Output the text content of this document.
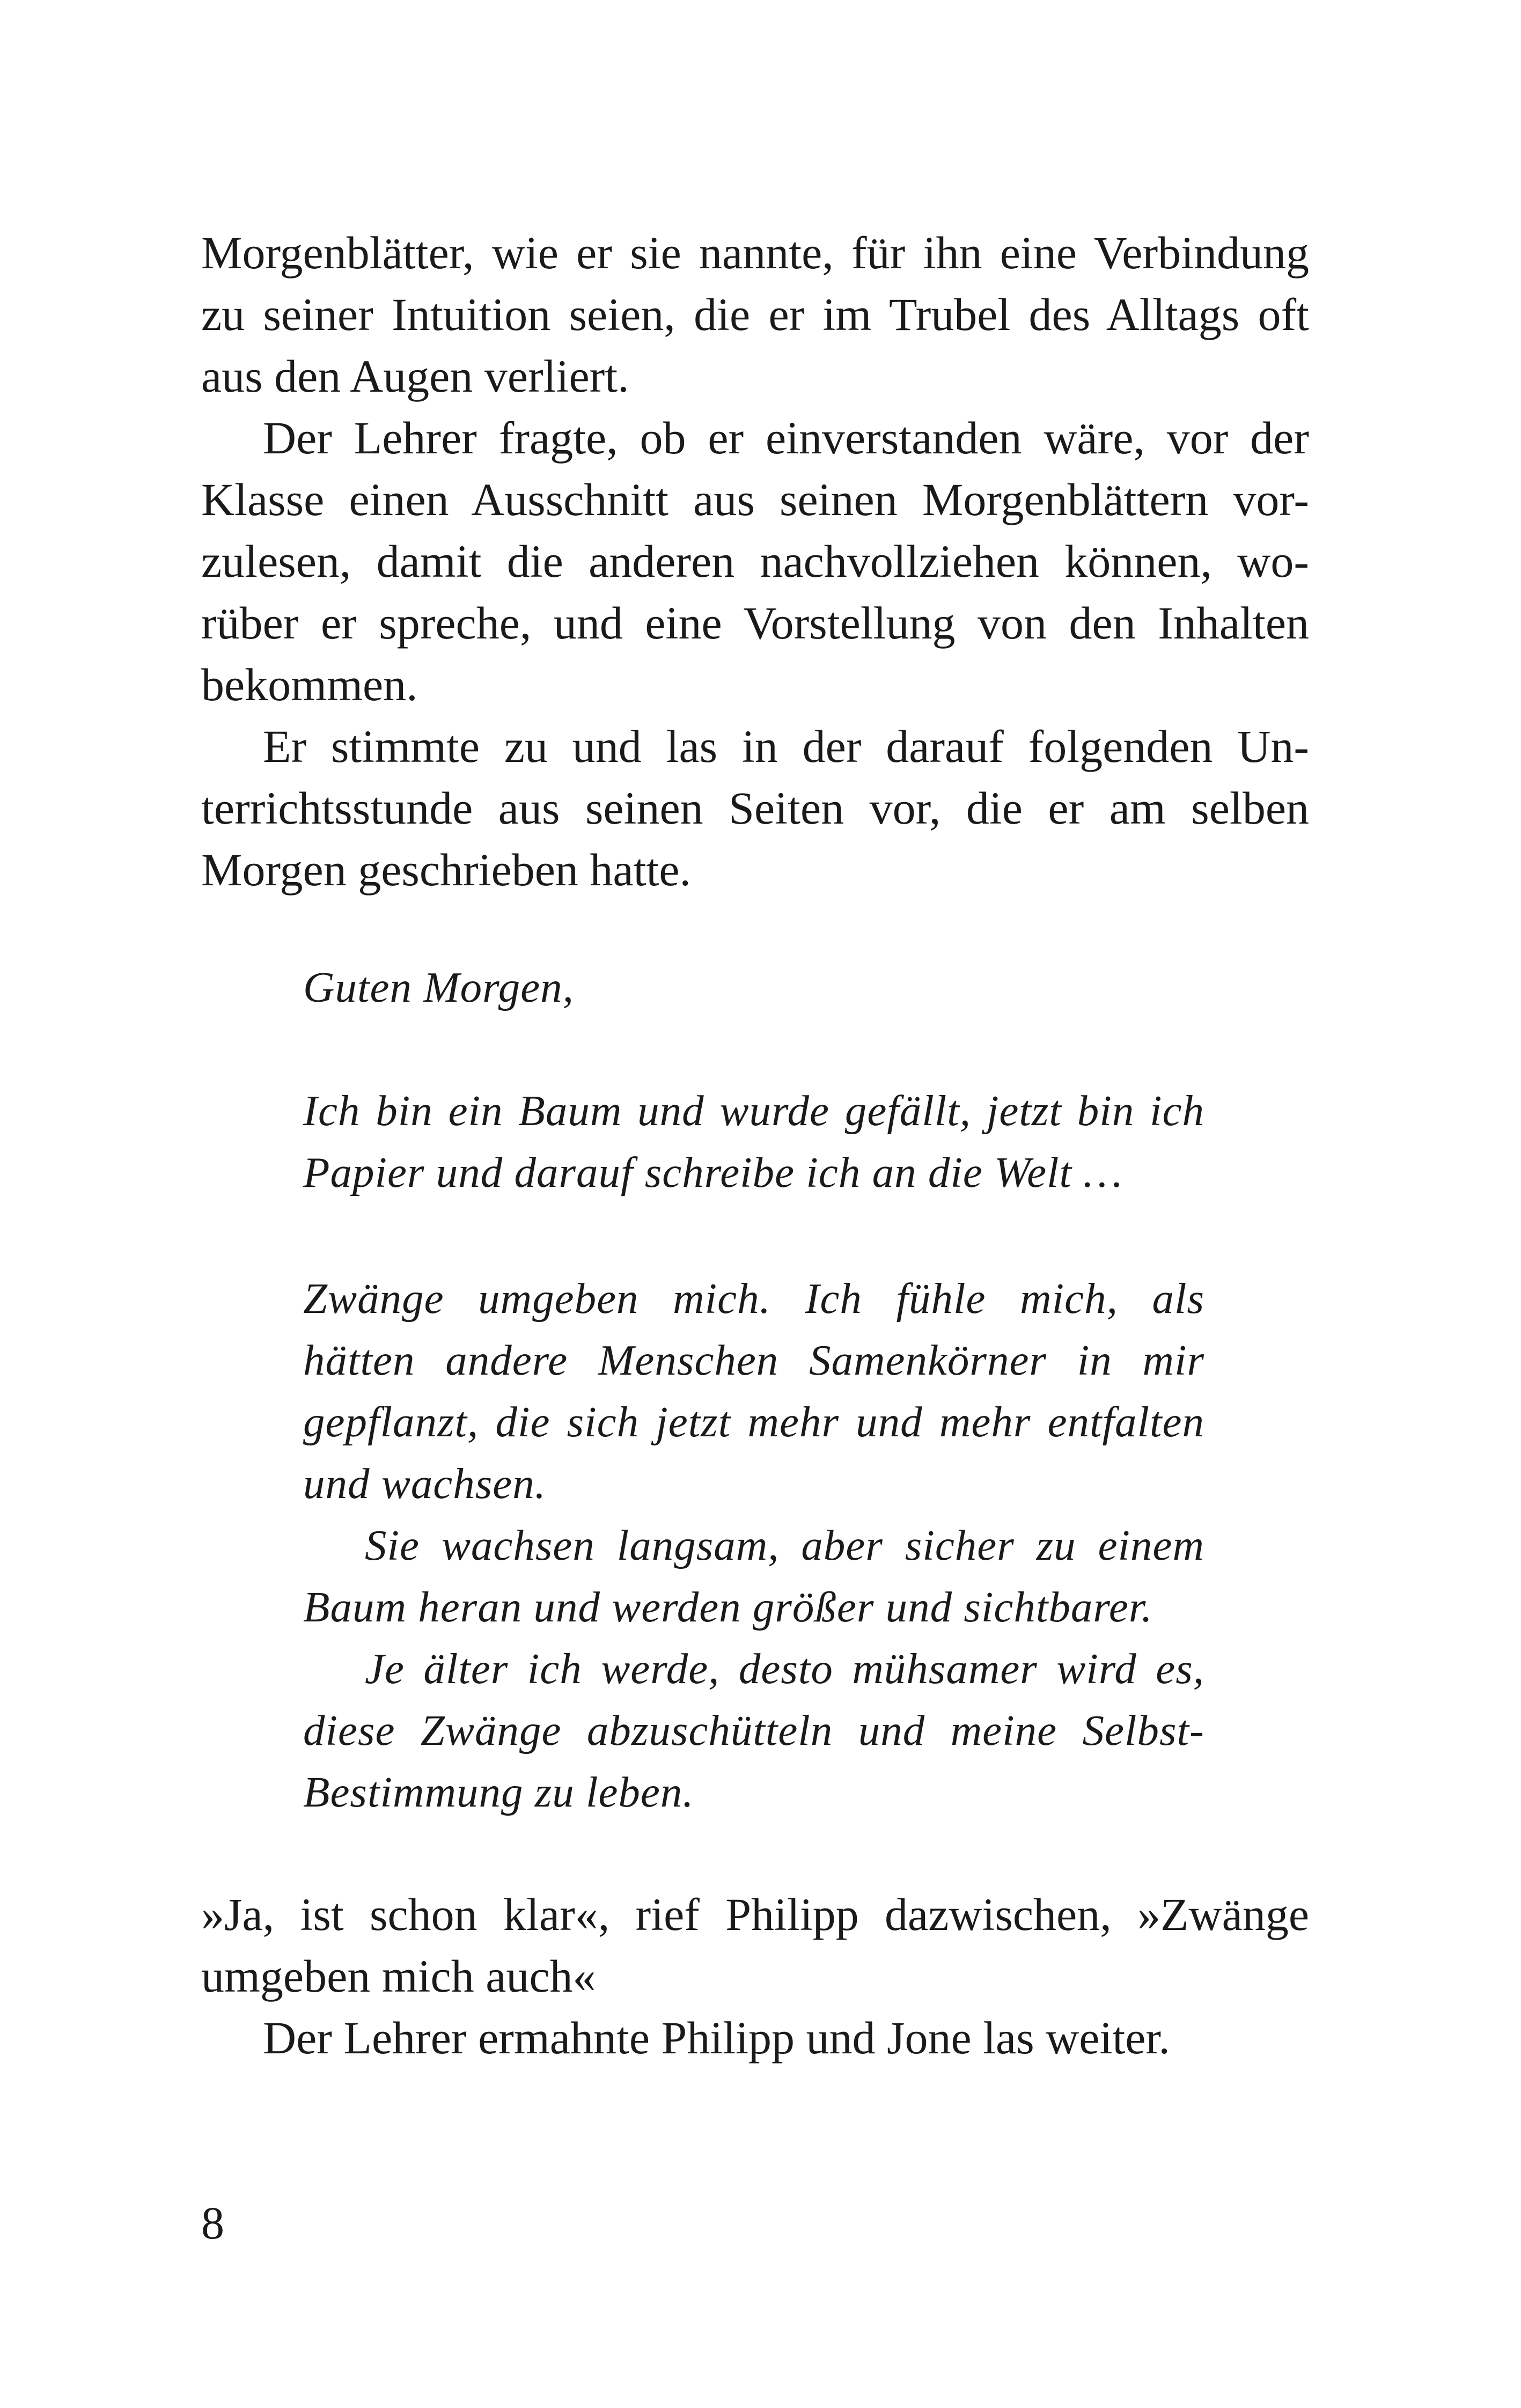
Morgenblätter, wie er sie nannte, für ihn eine Verbindung
zu seiner Intuition seien, die er im Trubel des Alltags oft
aus den Augen verliert.
Der Lehrer fragte, ob er einverstanden wäre, vor der
Klasse einen Ausschnitt aus seinen Morgenblättern vor-
zulesen, damit die anderen nachvollziehen können, wo-
rüber er spreche, und eine Vorstellung von den Inhalten
bekommen.
Er stimmte zu und las in der darauf folgenden Un-
terrichtsstunde aus seinen Seiten vor, die er am selben
Morgen geschrieben hatte.
Guten Morgen,
Ich bin ein Baum und wurde gefällt, jetzt bin ich
Papier und darauf schreibe ich an die Welt …
Zwänge umgeben mich. Ich fühle mich, als
hätten andere Menschen Samenkörner in mir
gepflanzt, die sich jetzt mehr und mehr entfalten
und wachsen.
Sie wachsen langsam, aber sicher zu einem
Baum heran und werden größer und sichtbarer.
Je älter ich werde, desto mühsamer wird es,
diese Zwänge abzuschütteln und meine Selbst-
Bestimmung zu leben.
»Ja, ist schon klar«, rief Philipp dazwischen, »Zwänge
umgeben mich auch«
Der Lehrer ermahnte Philipp und Jone las weiter.
8
